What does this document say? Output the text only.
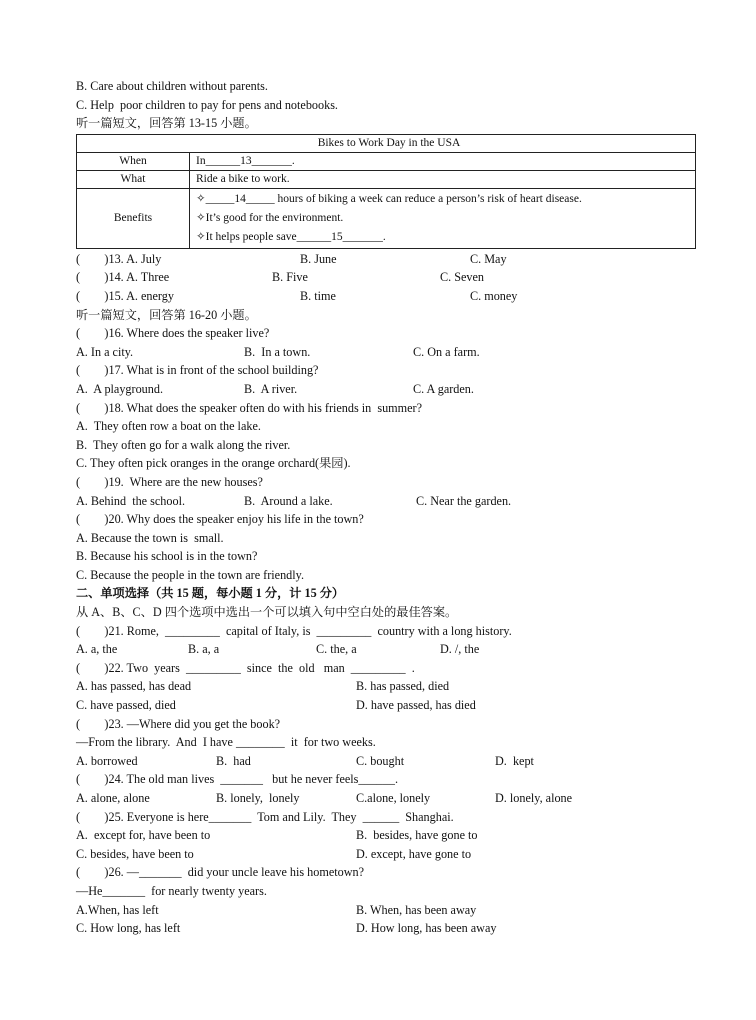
B. Care about children without parents.
C. Help  poor children to pay for pens and notebooks.
听一篇短文，回答第 13-15 小题。
Bikes to Work Day in the USA	
When	In______13_______.
What	Ride a bike to work.
Benefits	✧_____14_____ hours of biking a week can reduce a person’s risk of heart disease.
✧It’s good for the environment.
✧It helps people save______15_______.
(        )13. A. July	B. June	C. May
(        )14. A. Three	B. Five	C. Seven
(        )15. A. energy	B. time	C. money
听一篇短文，回答第 16-20 小题。
(        )16. Where does the speaker live?
A. In a city.	B.  In a town.	C. On a farm.
(        )17. What is in front of the school building?
A.  A playground.	B.  A river.	C. A garden.
(        )18. What does the speaker often do with his friends in  summer?
A.  They often row a boat on the lake.
B.  They often go for a walk along the river.
C. They often pick oranges in the orange orchard(果园).
(        )19.  Where are the new houses?
A. Behind  the school.	B.  Around a lake.	C. Near the garden.
(        )20. Why does the speaker enjoy his life in the town?
A. Because the town is  small.
B. Because his school is in the town?
C. Because the people in the town are friendly.
二、单项选择（共 15 题，每小题 1 分，计 15 分）
从 A、B、C、D 四个选项中选出一个可以填入句中空白处的最佳答案。
(        )21. Rome,  _________  capital of Italy, is  _________  country with a long history.
A. a, the	B. a, a	C. the, a	D. /, the
(        )22. Two  years  _________  since  the  old   man  _________  .
A. has passed, has dead	B. has passed, died
C. have passed, died	D. have passed, has died
(        )23. —Where did you get the book?
—From the library.  And  I have ________  it  for two weeks.
A. borrowed	B.  had	C. bought	D.  kept
(        )24. The old man lives  _______   but he never feels______.
A. alone, alone	B. lonely,  lonely	C.alone, lonely	D. lonely, alone
(        )25. Everyone is here_______  Tom and Lily.  They  ______  Shanghai.
A.  except for, have been to	B.  besides, have gone to
C. besides, have been to	D. except, have gone to
(        )26. —_______  did your uncle leave his hometown?
—He_______  for nearly twenty years.
A.When, has left	B. When, has been away
C. How long, has left	D. How long, has been away
